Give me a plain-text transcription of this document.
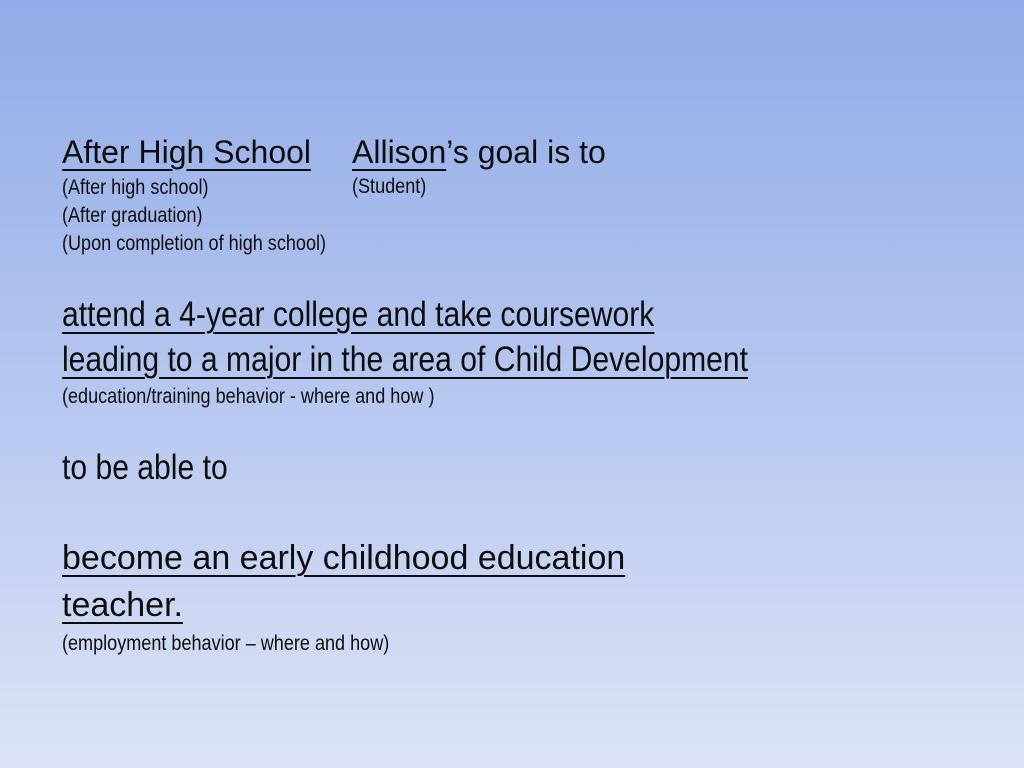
After High School Allison’s goal is to
(After high school)	(Student)
(After graduation)
(Upon completion of high school)
attend a 4-year college and take coursework
leading to a major in the area of Child Development
(education/training behavior - where and how )
to be able to
become an early childhood education
teacher.
(employment behavior – where and how)
